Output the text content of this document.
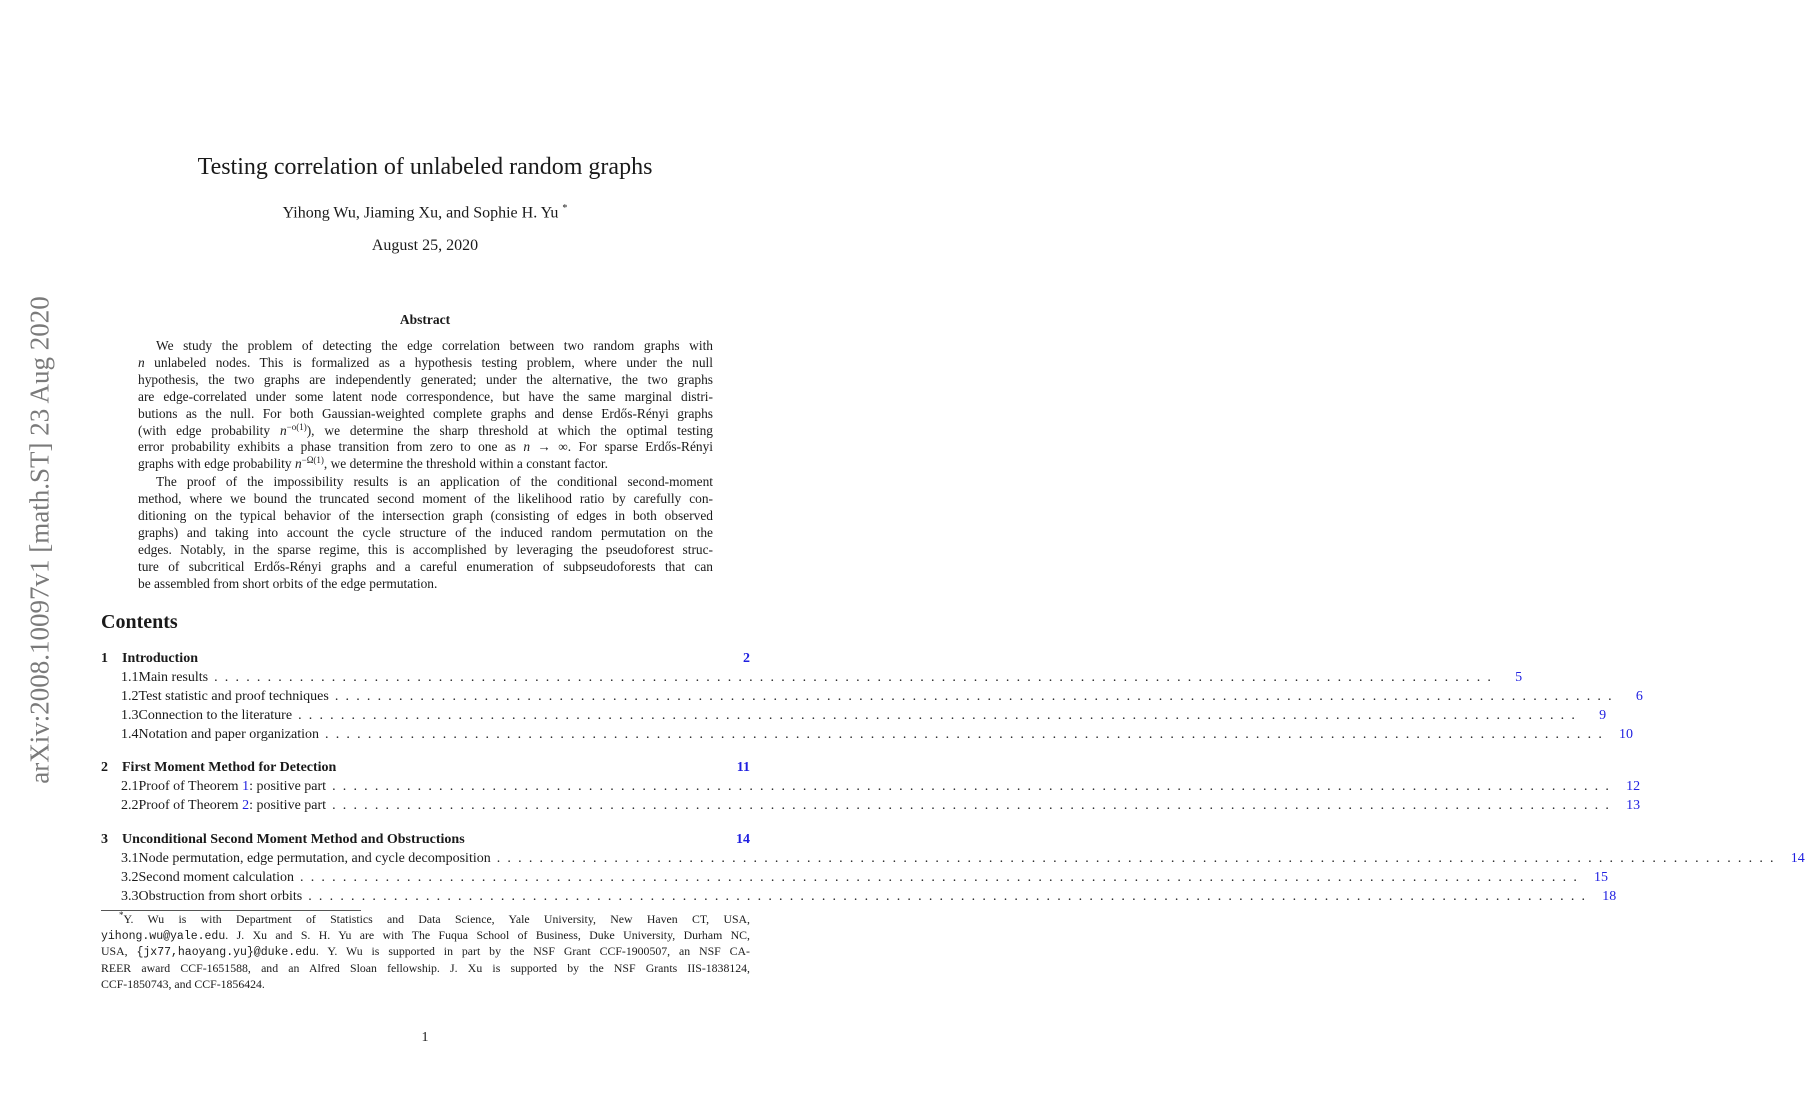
arXiv:2008.10097v1 [math.ST] 23 Aug 2020
Testing correlation of unlabeled random graphs
Yihong Wu, Jiaming Xu, and Sophie H. Yu *
August 25, 2020
Abstract
We study the problem of detecting the edge correlation between two random graphs with
n unlabeled nodes. This is formalized as a hypothesis testing problem, where under the null
hypothesis, the two graphs are independently generated; under the alternative, the two graphs
are edge-correlated under some latent node correspondence, but have the same marginal distri-
butions as the null. For both Gaussian-weighted complete graphs and dense Erdős-Rényi graphs
(with edge probability $n^{-o(1)}$), we determine the sharp threshold at which the optimal testing
error probability exhibits a phase transition from zero to one as n → ∞. For sparse Erdős-Rényi
graphs with edge probability $n^{-\Omega(1)}$, we determine the threshold within a constant factor.
The proof of the impossibility results is an application of the conditional second-moment
method, where we bound the truncated second moment of the likelihood ratio by carefully con-
ditioning on the typical behavior of the intersection graph (consisting of edges in both observed
graphs) and taking into account the cycle structure of the induced random permutation on the
edges. Notably, in the sparse regime, this is accomplished by leveraging the pseudoforest struc-
ture of subcritical Erdős-Rényi graphs and a careful enumeration of subpseudoforests that can
be assembled from short orbits of the edge permutation.
Contents
1	Introduction	2
1.1 Main results ........................................................................................................................	5
1.2 Test statistic and proof techniques ........................................................................................................................	6
1.3 Connection to the literature ........................................................................................................................	9
1.4 Notation and paper organization ........................................................................................................................ 10
2	First Moment Method for Detection	11
2.1 Proof of Theorem 1: positive part ........................................................................................................................ 12
2.2 Proof of Theorem 2: positive part ........................................................................................................................ 13
3	Unconditional Second Moment Method and Obstructions	14
3.1 Node permutation, edge permutation, and cycle decomposition ........................................................................................................................ 14
3.2 Second moment calculation ........................................................................................................................ 15
3.3 Obstruction from short orbits ........................................................................................................................ 18
*Y. Wu is with Department of Statistics and Data Science, Yale University, New Haven CT, USA,
yihong.wu@yale.edu. J. Xu and S. H. Yu are with The Fuqua School of Business, Duke University, Durham NC,
USA, {jx77,haoyang.yu}@duke.edu. Y. Wu is supported in part by the NSF Grant CCF-1900507, an NSF CA-
REER award CCF-1651588, and an Alfred Sloan fellowship. J. Xu is supported by the NSF Grants IIS-1838124,
CCF-1850743, and CCF-1856424.
1
